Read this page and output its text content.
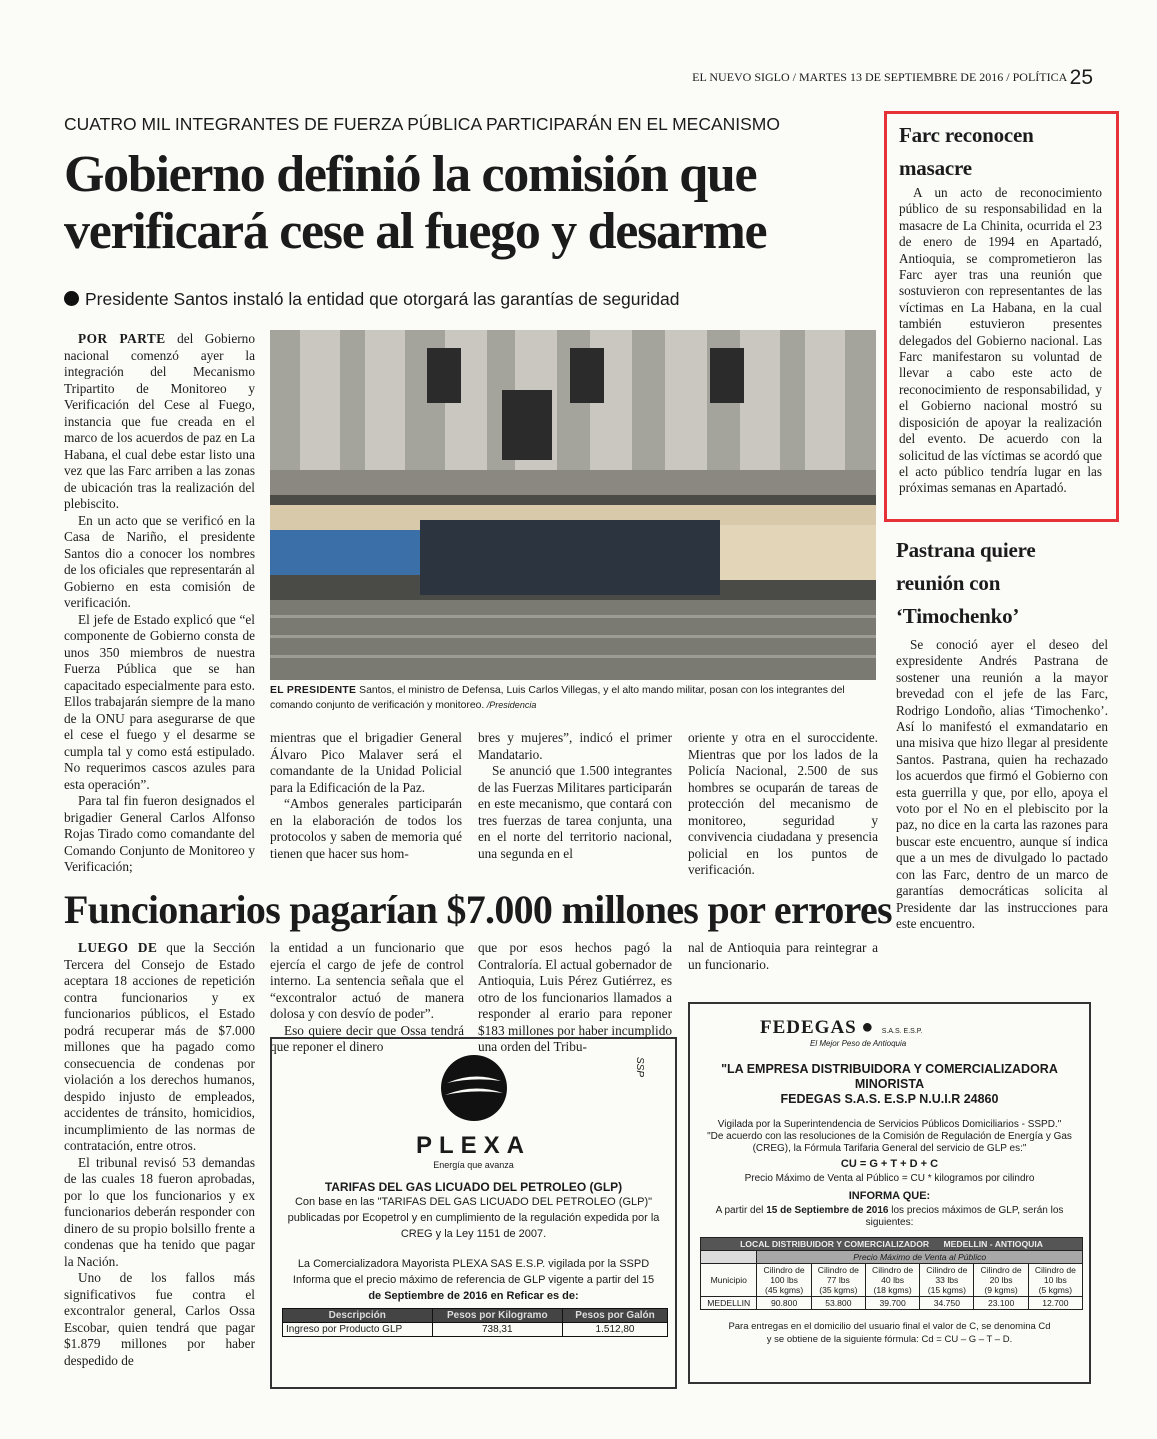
EL NUEVO SIGLO / MARTES 13 DE SEPTIEMBRE DE 2016 / POLÍTICA 25
CUATRO MIL INTEGRANTES DE FUERZA PÚBLICA PARTICIPARÁN EN EL MECANISMO
Gobierno definió la comisión que verificará cese al fuego y desarme
Presidente Santos instaló la entidad que otorgará las garantías de seguridad

POR PARTE del Gobierno nacional comenzó ayer la integración del Mecanismo Tripartito de Monitoreo y Verificación del Cese al Fuego, instancia que fue creada en el marco de los acuerdos de paz en La Habana, el cual debe estar listo una vez que las Farc arriben a las zonas de ubicación tras la realización del plebiscito.

En un acto que se verificó en la Casa de Nariño, el presidente Santos dio a conocer los nombres de los oficiales que representarán al Gobierno en esta comisión de verificación.

El jefe de Estado explicó que “el componente de Gobierno consta de unos 350 miembros de nuestra Fuerza Pública que se han capacitado especialmente para esto. Ellos trabajarán siempre de la mano de la ONU para asegurarse de que el cese el fuego y el desarme se cumpla tal y como está estipulado. No requerimos cascos azules para esta operación”.

Para tal fin fueron designados el brigadier General Carlos Alfonso Rojas Tirado como comandante del Comando Conjunto de Monitoreo y Verificación;

EL PRESIDENTE Santos, el ministro de Defensa, Luis Carlos Villegas, y el alto mando militar, posan con los integrantes del comando conjunto de verificación y monitoreo. /Presidencia

mientras que el brigadier General Álvaro Pico Malaver será el comandante de la Unidad Policial para la Edificación de la Paz.

“Ambos generales participarán en la elaboración de todos los protocolos y saben de memoria qué tienen que hacer sus hom-

bres y mujeres”, indicó el primer Mandatario.

Se anunció que 1.500 integrantes de las Fuerzas Militares participarán en este mecanismo, que contará con tres fuerzas de tarea conjunta, una en el norte del territorio nacional, una segunda en el

oriente y otra en el suroccidente. Mientras que por los lados de la Policía Nacional, 2.500 de sus hombres se ocuparán de tareas de protección del mecanismo de monitoreo, seguridad y convivencia ciudadana y presencia policial en los puntos de verificación.

Funcionarios pagarían $7.000 millones por errores

LUEGO DE que la Sección Tercera del Consejo de Estado aceptara 18 acciones de repetición contra funcionarios y ex funcionarios públicos, el Estado podrá recuperar más de $7.000 millones que ha pagado como consecuencia de condenas por violación a los derechos humanos, despido injusto de empleados, accidentes de tránsito, homicidios, incumplimiento de las normas de contratación, entre otros.

El tribunal revisó 53 demandas de las cuales 18 fueron aprobadas, por lo que los funcionarios y ex funcionarios deberán responder con dinero de su propio bolsillo frente a condenas que ha tenido que pagar la Nación.

Uno de los fallos más significativos fue contra el excontralor general, Carlos Ossa Escobar, quien tendrá que pagar $1.879 millones por haber despedido de

la entidad a un funcionario que ejercía el cargo de jefe de control interno. La sentencia señala que el “excontralor actuó de manera dolosa y con desvío de poder”.

Eso quiere decir que Ossa tendrá que reponer el dinero

que por esos hechos pagó la Contraloría. El actual gobernador de Antioquia, Luis Pérez Gutiérrez, es otro de los funcionarios llamados a responder al erario para reponer $183 millones por haber incumplido una orden del Tribu-

nal de Antioquia para reintegrar a un funcionario.

Farc reconocen masacre

A un acto de reconocimiento público de su responsabilidad en la masacre de La Chinita, ocurrida el 23 de enero de 1994 en Apartadó, Antioquia, se comprometieron las Farc ayer tras una reunión que sostuvieron con representantes de las víctimas en La Habana, en la cual también estuvieron presentes delegados del Gobierno nacional. Las Farc manifestaron su voluntad de llevar a cabo este acto de reconocimiento de responsabilidad, y el Gobierno nacional mostró su disposición de apoyar la realización del evento. De acuerdo con la solicitud de las víctimas se acordó que el acto público tendría lugar en las próximas semanas en Apartadó.

Pastrana quiere reunión con ‘Timochenko’

Se conoció ayer el deseo del expresidente Andrés Pastrana de sostener una reunión a la mayor brevedad con el jefe de las Farc, Rodrigo Londoño, alias ‘Timochenko’. Así lo manifestó el exmandatario en una misiva que hizo llegar al presidente Santos. Pastrana, quien ha rechazado los acuerdos que firmó el Gobierno con esta guerrilla y que, por ello, apoya el voto por el No en el plebiscito por la paz, no dice en la carta las razones para buscar este encuentro, aunque sí indica que a un mes de divulgado lo pactado con las Farc, dentro de un marco de garantías democráticas solicita al Presidente dar las instrucciones para este encuentro.

SSP
PLEXA
Energía que avanza
TARIFAS DEL GAS LICUADO DEL PETROLEO (GLP)
Con base en las "TARIFAS DEL GAS LICUADO DEL PETROLEO (GLP)" publicadas por Ecopetrol y en cumplimiento de la regulación expedida por la CREG y la Ley 1151 de 2007.
La Comercializadora Mayorista PLEXA SAS E.S.P. vigilada por la SSPD Informa que el precio máximo de referencia de GLP vigente a partir del 15
de Septiembre de 2016 en Reficar es de:
Descripción	Pesos por Kilogramo	Pesos por Galón
Ingreso por Producto GLP	738,31	1.512,80
FEDEGAS ● S.A.S. E.S.P.
El Mejor Peso de Antioquia
"LA EMPRESA DISTRIBUIDORA Y COMERCIALIZADORA MINORISTA
FEDEGAS S.A.S. E.S.P N.U.I.R 24860
Vigilada por la Superintendencia de Servicios Públicos Domiciliarios - SSPD."
"De acuerdo con las resoluciones de la Comisión de Regulación de Energía y Gas (CREG), la Fórmula Tarifaria General del servicio de GLP es:"
CU = G + T + D + C
Precio Máximo de Venta al Público = CU * kilogramos por cilindro
INFORMA QUE:
A partir del 15 de Septiembre de 2016 los precios máximos de GLP, serán los siguientes:
LOCAL DISTRIBUIDOR Y COMERCIALIZADOR MEDELLIN - ANTIOQUIA						
	Precio Máximo de Venta al Público					
Municipio	Cilindro de
100 lbs
(45 kgms)	Cilindro de
77 lbs
(35 kgms)	Cilindro de
40 lbs
(18 kgms)	Cilindro de
33 lbs
(15 kgms)	Cilindro de
20 lbs
(9 kgms)	Cilindro de
10 lbs
(5 kgms)
MEDELLIN	90.800	53.800	39.700	34.750	23.100	12.700
Para entregas en el domicilio del usuario final el valor de C, se denomina Cd
y se obtiene de la siguiente fórmula: Cd = CU – G – T – D.
